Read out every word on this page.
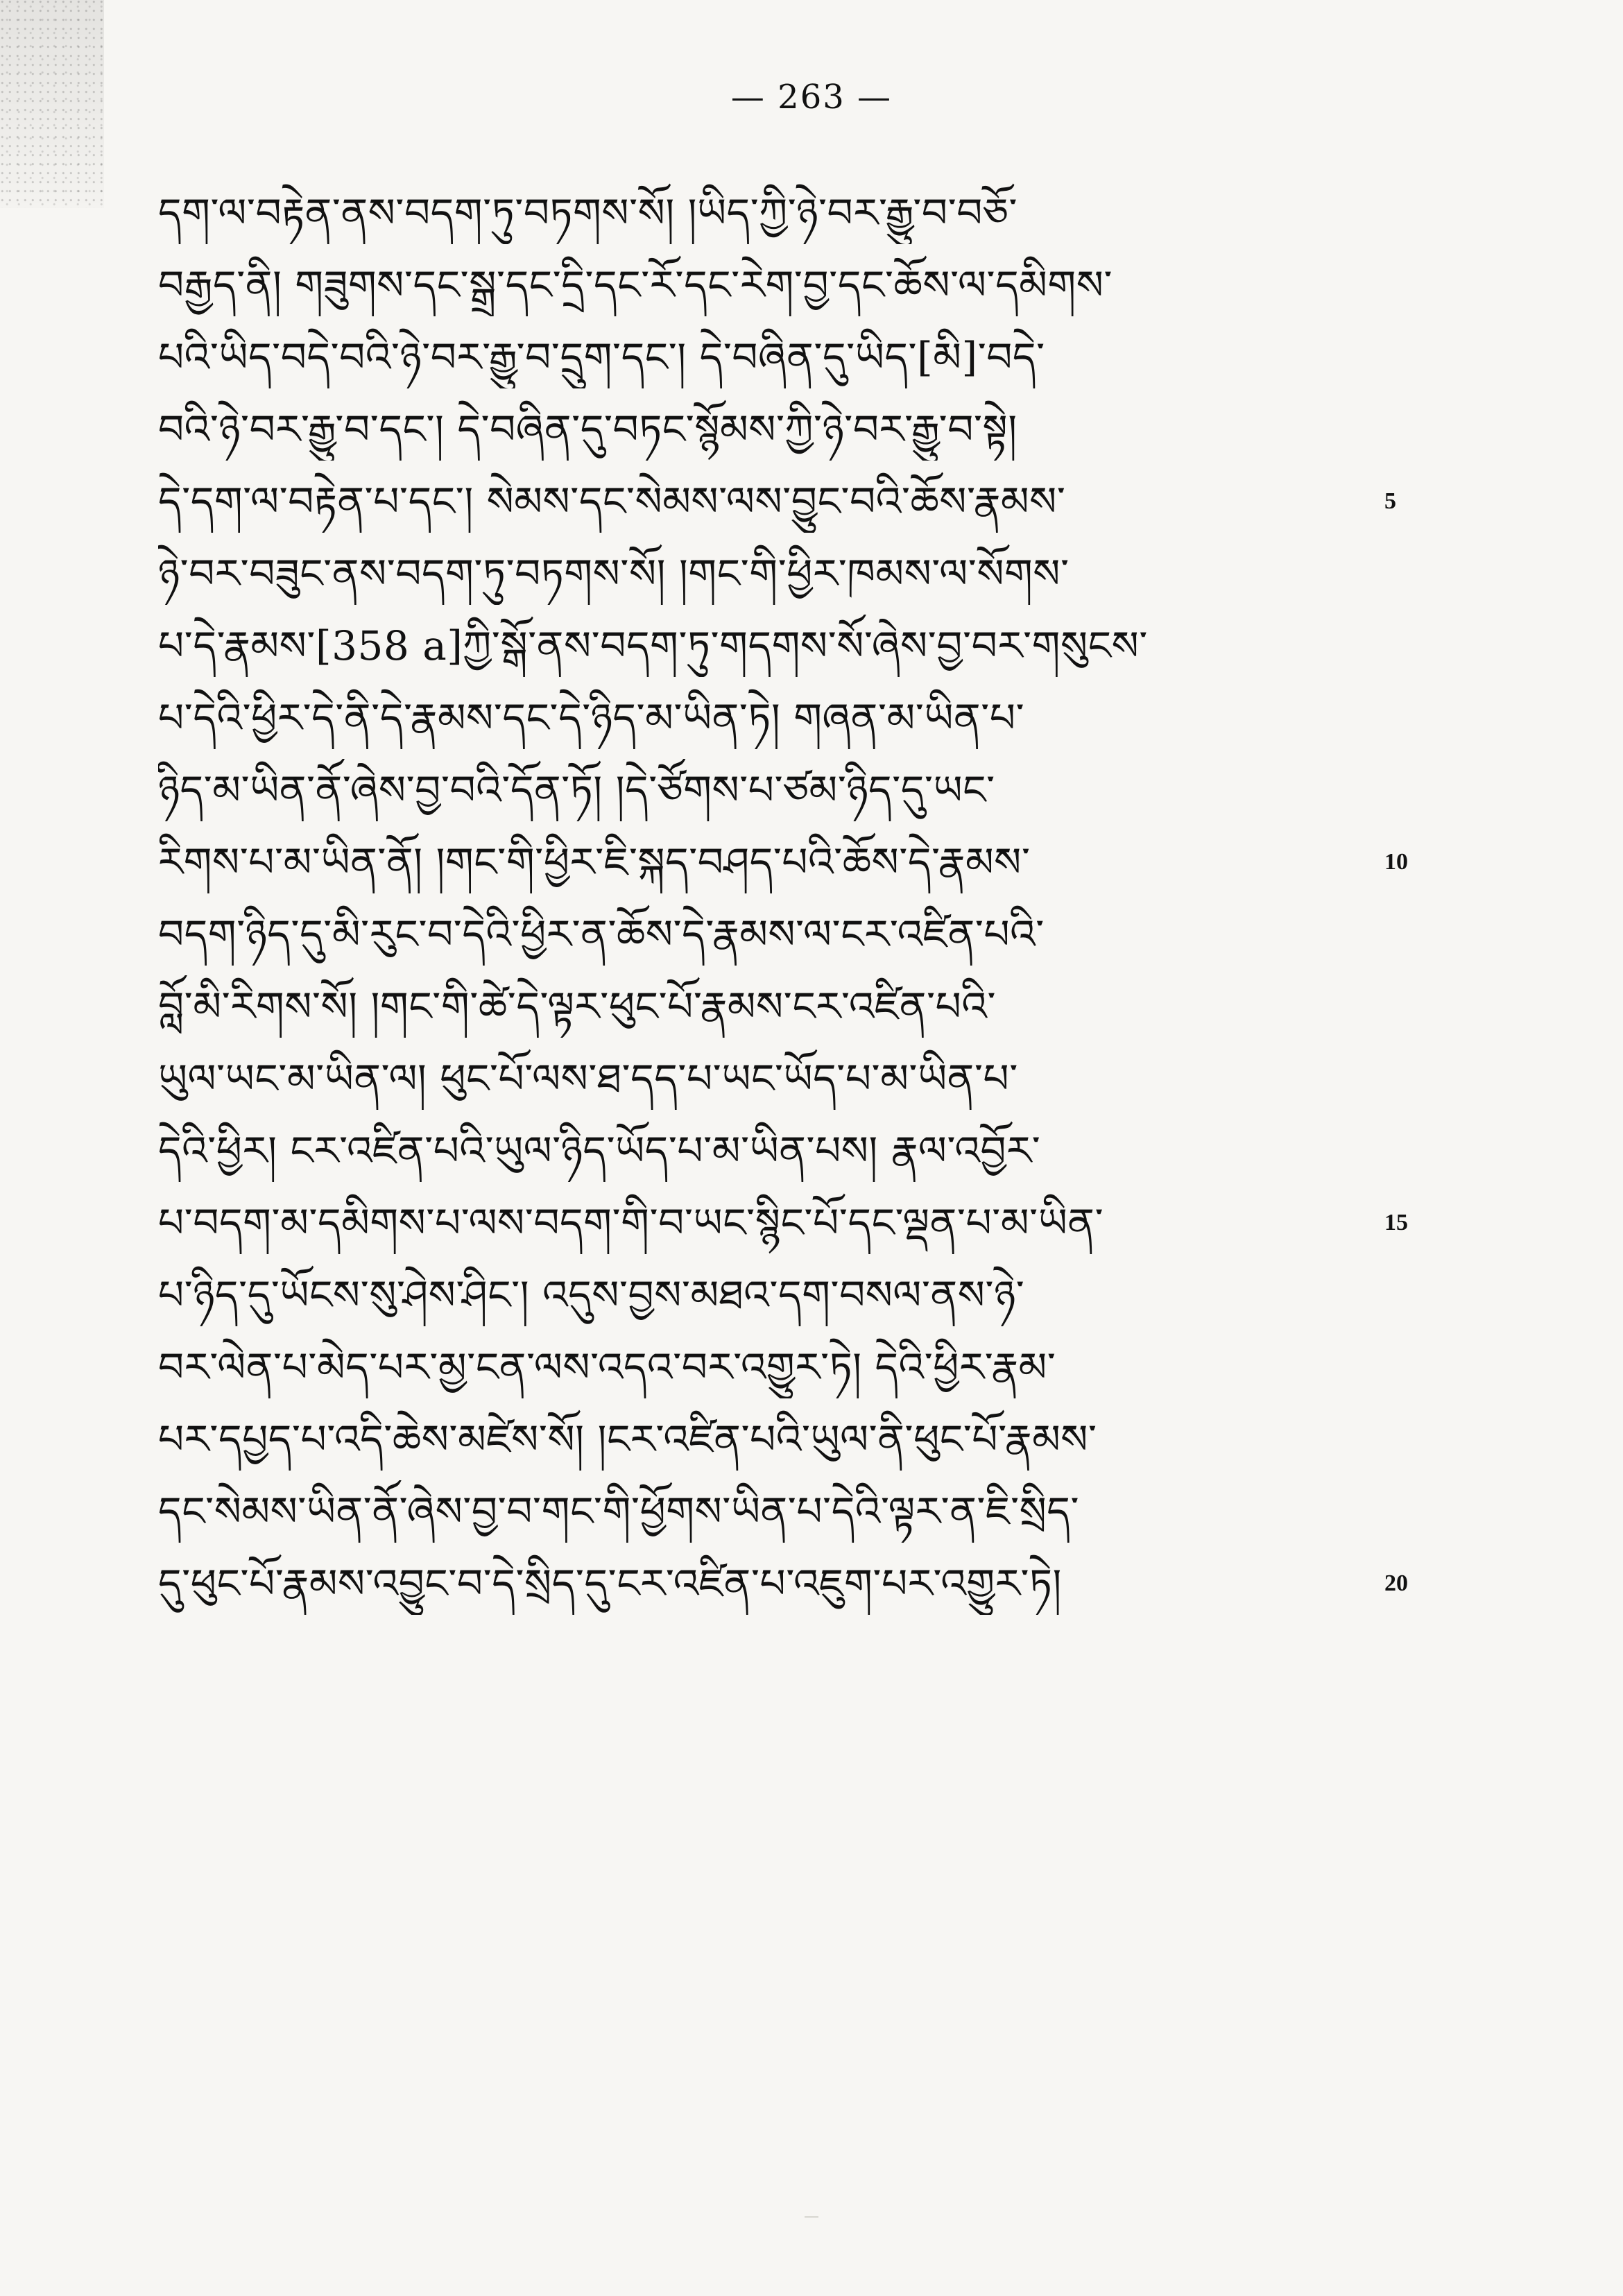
— 263 —
དག་ལ་བརྟེན་ནས་བདག་ཏུ་བཏགས་སོ། །ཡིད་ཀྱི་ཉེ་བར་རྒྱུ་བ་བཅོ་
བརྒྱད་ནི། གཟུགས་དང་སྒྲ་དང་དྲི་དང་རོ་དང་རེག་བྱ་དང་ཆོས་ལ་དམིགས་
པའི་ཡིད་བདེ་བའི་ཉེ་བར་རྒྱུ་བ་དྲུག་དང་། དེ་བཞིན་དུ་ཡིད་[མི]་བདེ་
བའི་ཉེ་བར་རྒྱུ་བ་དང་། དེ་བཞིན་དུ་བཏང་སྙོམས་ཀྱི་ཉེ་བར་རྒྱུ་བ་སྟེ།
དེ་དག་ལ་བརྟེན་པ་དང་། སེམས་དང་སེམས་ལས་བྱུང་བའི་ཆོས་རྣམས་	5
ཉེ་བར་བཟུང་ནས་བདག་ཏུ་བཏགས་སོ། །གང་གི་ཕྱིར་ཁམས་ལ་སོགས་
པ་དེ་རྣམས་[358 a]ཀྱི་སྒོ་ནས་བདག་ཏུ་གདགས་སོ་ཞེས་བྱ་བར་གསུངས་
པ་དེའི་ཕྱིར་དེ་ནི་དེ་རྣམས་དང་དེ་ཉིད་མ་ཡིན་ཏེ། གཞན་མ་ཡིན་པ་
ཉིད་མ་ཡིན་ནོ་ཞེས་བྱ་བའི་དོན་ཏོ། །དེ་ཙོགས་པ་ཙམ་ཉིད་དུ་ཡང་
རིགས་པ་མ་ཡིན་ནོ། །གང་གི་ཕྱིར་ཇི་སྐད་བཤད་པའི་ཆོས་དེ་རྣམས་	10
བདག་ཉིད་དུ་མི་རུང་བ་དེའི་ཕྱིར་ན་ཆོས་དེ་རྣམས་ལ་ངར་འཛིན་པའི་
བློ་མི་རིགས་སོ། །གང་གི་ཚེ་དེ་ལྟར་ཕུང་པོ་རྣམས་ངར་འཛིན་པའི་
ཡུལ་ཡང་མ་ཡིན་ལ། ཕུང་པོ་ལས་ཐ་དད་པ་ཡང་ཡོད་པ་མ་ཡིན་པ་
དེའི་ཕྱིར། ངར་འཛིན་པའི་ཡུལ་ཉིད་ཡོད་པ་མ་ཡིན་པས། རྣལ་འབྱོར་
པ་བདག་མ་དམིགས་པ་ལས་བདག་གི་བ་ཡང་སྙིང་པོ་དང་ལྡན་པ་མ་ཡིན་	15
པ་ཉིད་དུ་ཡོངས་སུ་ཤེས་ཤིང་། འདུས་བྱས་མཐའ་དག་བསལ་ནས་ཉེ་
བར་ལེན་པ་མེད་པར་མྱ་ངན་ལས་འདའ་བར་འགྱུར་ཏེ། དེའི་ཕྱིར་རྣམ་
པར་དཔྱད་པ་འདི་ཆེས་མཛེས་སོ། །ངར་འཛིན་པའི་ཡུལ་ནི་ཕུང་པོ་རྣམས་
དང་སེམས་ཡིན་ནོ་ཞེས་བྱ་བ་གང་གི་ཕྱོགས་ཡིན་པ་དེའི་ལྟར་ན་ཇི་སྲིད་
དུ་ཕུང་པོ་རྣམས་འབྱུང་བ་དེ་སྲིད་དུ་ངར་འཛིན་པ་འཇུག་པར་འགྱུར་ཏེ།	20
